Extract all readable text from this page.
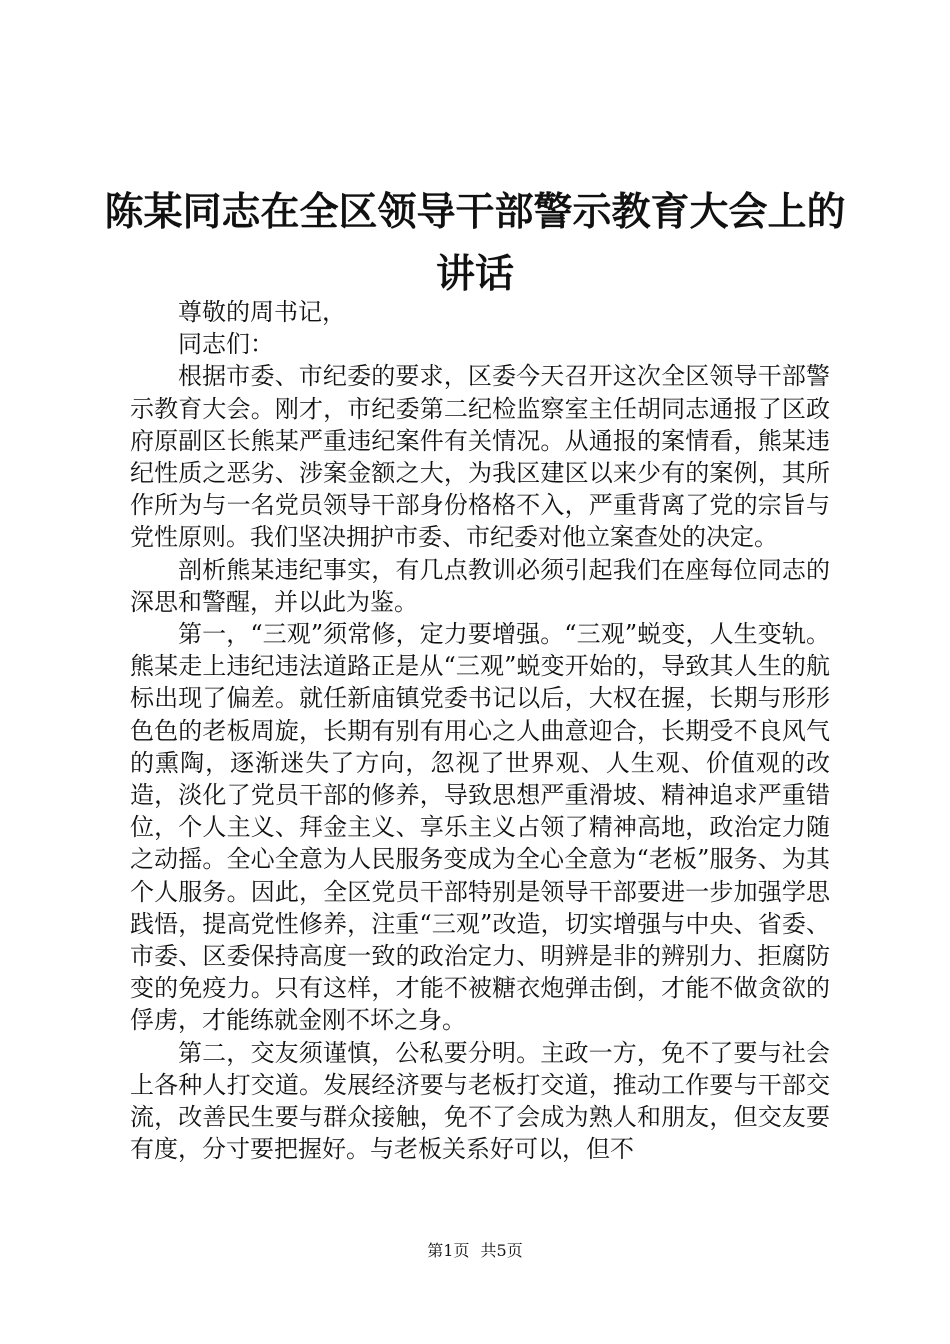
陈某同志在全区领导干部警示教育大会上的讲话

尊敬的周书记，

同志们：

根据市委、市纪委的要求，区委今天召开这次全区领导干部警示教育大会。刚才，市纪委第二纪检监察室主任胡同志通报了区政府原副区长熊某严重违纪案件有关情况。从通报的案情看，熊某违纪性质之恶劣、涉案金额之大，为我区建区以来少有的案例，其所作所为与一名党员领导干部身份格格不入，严重背离了党的宗旨与党性原则。我们坚决拥护市委、市纪委对他立案查处的决定。

剖析熊某违纪事实，有几点教训必须引起我们在座每位同志的深思和警醒，并以此为鉴。

第一，“三观”须常修，定力要增强。“三观”蜕变，人生变轨。熊某走上违纪违法道路正是从“三观”蜕变开始的，导致其人生的航标出现了偏差。就任新庙镇党委书记以后，大权在握，长期与形形色色的老板周旋，长期有别有用心之人曲意迎合，长期受不良风气的熏陶，逐渐迷失了方向，忽视了世界观、人生观、价值观的改造，淡化了党员干部的修养，导致思想严重滑坡、精神追求严重错位，个人主义、拜金主义、享乐主义占领了精神高地，政治定力随之动摇。全心全意为人民服务变成为全心全意为“老板”服务、为其个人服务。因此，全区党员干部特别是领导干部要进一步加强学思践悟，提高党性修养，注重“三观”改造，切实增强与中央、省委、市委、区委保持高度一致的政治定力、明辨是非的辨别力、拒腐防变的免疫力。只有这样，才能不被糖衣炮弹击倒，才能不做贪欲的俘虏，才能练就金刚不坏之身。

第二，交友须谨慎，公私要分明。主政一方，免不了要与社会上各种人打交道。发展经济要与老板打交道，推动工作要与干部交流，改善民生要与群众接触，免不了会成为熟人和朋友，但交友要有度，分寸要把握好。与老板关系好可以，但不

第1页 共5页
